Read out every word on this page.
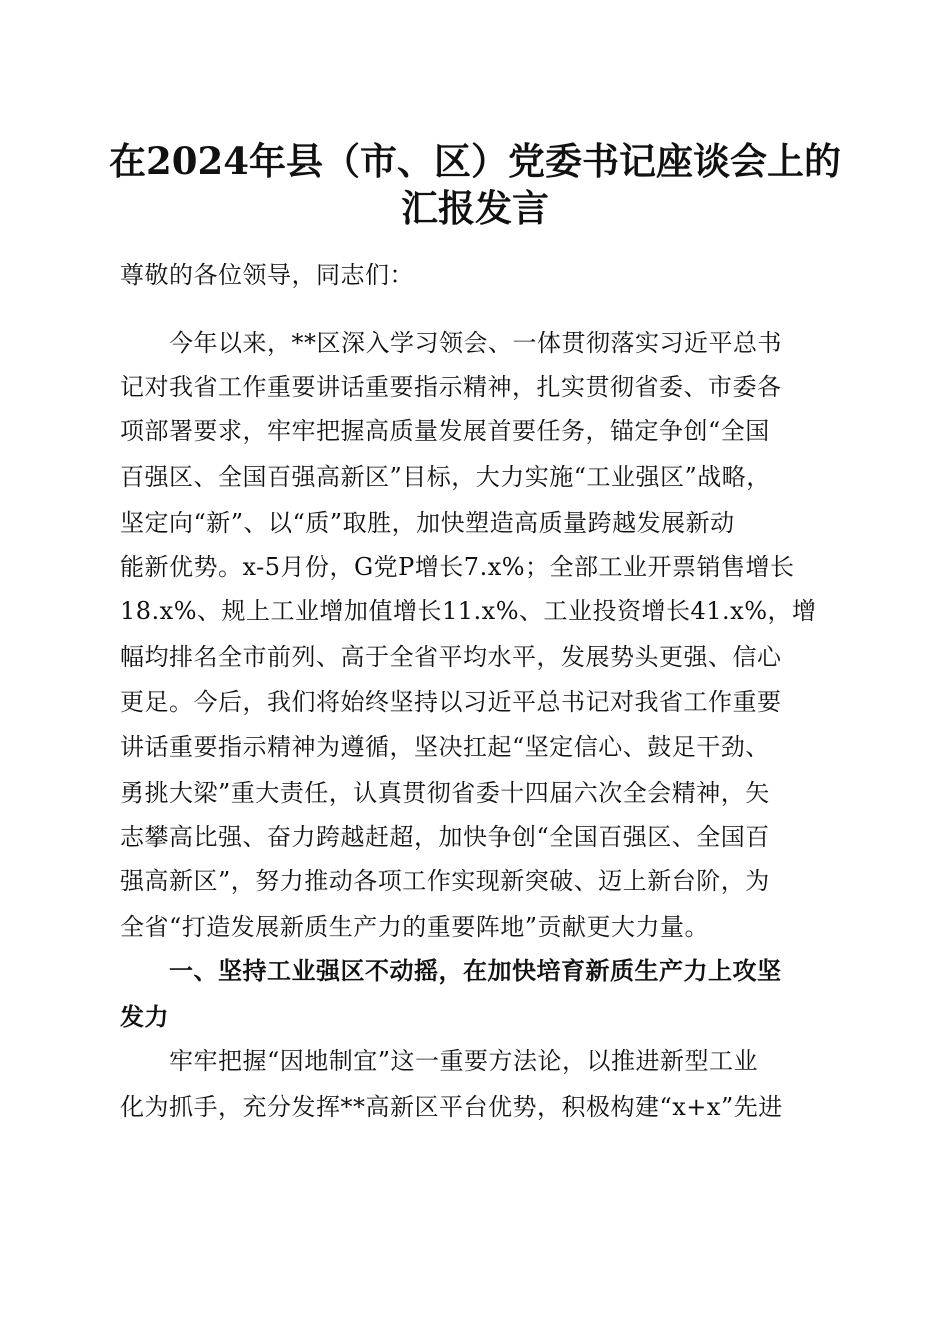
在2024年县（市、区）党委书记座谈会上的
汇报发言

尊敬的各位领导，同志们：

今年以来，**区深入学习领会、一体贯彻落实习近平总书

记对我省工作重要讲话重要指示精神，扎实贯彻省委、市委各

项部署要求，牢牢把握高质量发展首要任务，锚定争创“全国

百强区、全国百强高新区”目标，大力实施“工业强区”战略，

坚定向“新”、以“质”取胜，加快塑造高质量跨越发展新动

能新优势。x-5月份，G党P增长7.x%；全部工业开票销售增长

18.x%、规上工业增加值增长11.x%、工业投资增长41.x%，增

幅均排名全市前列、高于全省平均水平，发展势头更强、信心

更足。今后，我们将始终坚持以习近平总书记对我省工作重要

讲话重要指示精神为遵循，坚决扛起“坚定信心、鼓足干劲、

勇挑大梁”重大责任，认真贯彻省委十四届六次全会精神，矢

志攀高比强、奋力跨越赶超，加快争创“全国百强区、全国百

强高新区”，努力推动各项工作实现新突破、迈上新台阶，为

全省“打造发展新质生产力的重要阵地”贡献更大力量。

一、坚持工业强区不动摇，在加快培育新质生产力上攻坚

发力

牢牢把握“因地制宜”这一重要方法论，以推进新型工业

化为抓手，充分发挥**高新区平台优势，积极构建“x+x”先进
